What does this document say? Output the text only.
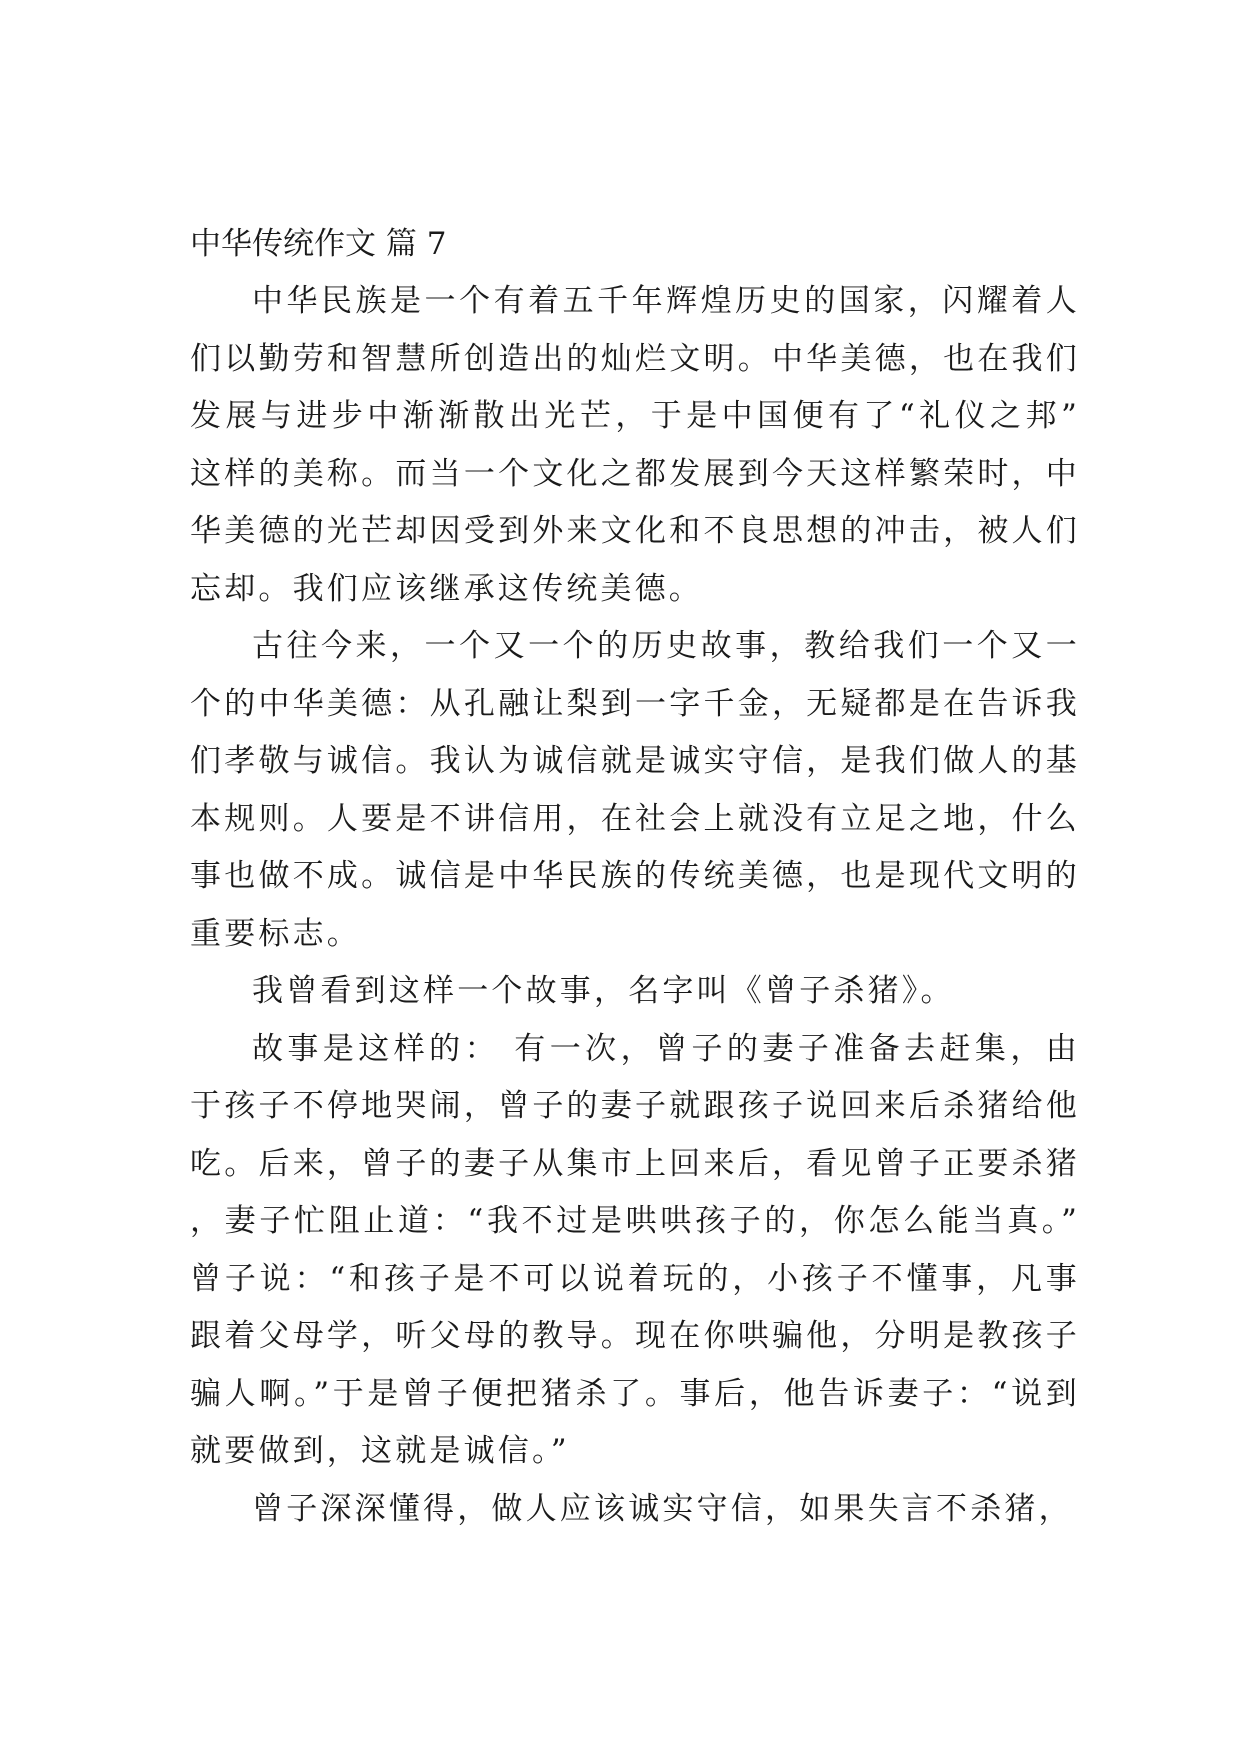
中华传统作文 篇 7

中华民族是一个有着五千年辉煌历史的国家，闪耀着人们以勤劳和智慧所创造出的灿烂文明。中华美德，也在我们发展与进步中渐渐散出光芒，于是中国便有了“礼仪之邦”这样的美称。而当一个文化之都发展到今天这样繁荣时，中华美德的光芒却因受到外来文化和不良思想的冲击，被人们忘却。我们应该继承这传统美德。

古往今来，一个又一个的历史故事，教给我们一个又一个的中华美德：从孔融让梨到一字千金，无疑都是在告诉我们孝敬与诚信。我认为诚信就是诚实守信，是我们做人的基本规则。人要是不讲信用，在社会上就没有立足之地，什么事也做不成。诚信是中华民族的传统美德，也是现代文明的重要标志。

我曾看到这样一个故事，名字叫《曾子杀猪》。

故事是这样的： 有一次，曾子的妻子准备去赶集，由于孩子不停地哭闹，曾子的妻子就跟孩子说回来后杀猪给他吃。后来，曾子的妻子从集市上回来后，看见曾子正要杀猪，妻子忙阻止道：“我不过是哄哄孩子的，你怎么能当真。”曾子说：“和孩子是不可以说着玩的，小孩子不懂事，凡事跟着父母学，听父母的教导。现在你哄骗他，分明是教孩子骗人啊。”于是曾子便把猪杀了。事后，他告诉妻子：“说到就要做到，这就是诚信。”

曾子深深懂得，做人应该诚实守信，如果失言不杀猪，
